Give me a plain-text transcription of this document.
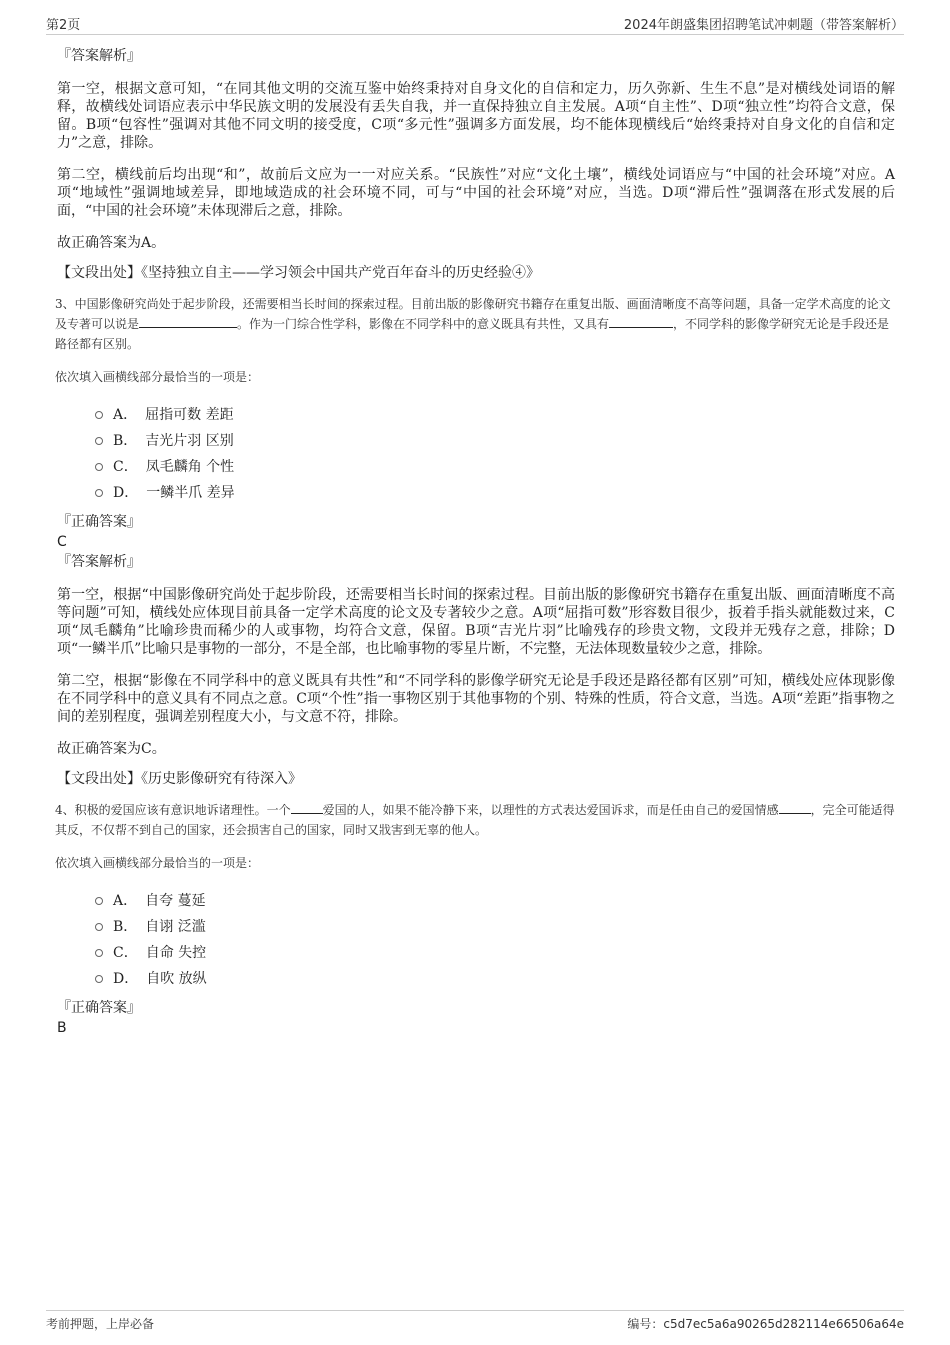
第2页	2024年朗盛集团招聘笔试冲刺题（带答案解析）

『答案解析』

第一空，根据文意可知，“在同其他文明的交流互鉴中始终秉持对自身文化的自信和定力，历久弥新、生生不息”是对横线处词语的解释，故横线处词语应表示中华民族文明的发展没有丢失自我，并一直保持独立自主发展。A项“自主性”、D项“独立性”均符合文意，保留。B项“包容性”强调对其他不同文明的接受度，C项“多元性”强调多方面发展，均不能体现横线后“始终秉持对自身文化的自信和定力”之意，排除。

第二空，横线前后均出现“和”，故前后文应为一一对应关系。“民族性”对应“文化土壤”，横线处词语应与“中国的社会环境”对应。A项“地域性”强调地域差异，即地域造成的社会环境不同，可与“中国的社会环境”对应，当选。D项“滞后性”强调落在形式发展的后面，“中国的社会环境”未体现滞后之意，排除。

故正确答案为A。

【文段出处】《坚持独立自主——学习领会中国共产党百年奋斗的历史经验④》

3、中国影像研究尚处于起步阶段，还需要相当长时间的探索过程。目前出版的影像研究书籍存在重复出版、画面清晰度不高等问题，具备一定学术高度的论文及专著可以说是	。作为一门综合性学科，影像在不同学科中的意义既具有共性，又具有	，不同学科的影像学研究无论是手段还是路径都有区别。

依次填入画横线部分最恰当的一项是：

A． 屈指可数 差距
B． 吉光片羽 区别
C． 凤毛麟角 个性
D． 一鳞半爪 差异

『正确答案』

C

『答案解析』

第一空，根据“中国影像研究尚处于起步阶段，还需要相当长时间的探索过程。目前出版的影像研究书籍存在重复出版、画面清晰度不高等问题”可知，横线处应体现目前具备一定学术高度的论文及专著较少之意。A项“屈指可数”形容数目很少，扳着手指头就能数过来，C项“凤毛麟角”比喻珍贵而稀少的人或事物，均符合文意，保留。B项“吉光片羽”比喻残存的珍贵文物，文段并无残存之意，排除；D项“一鳞半爪”比喻只是事物的一部分，不是全部，也比喻事物的零星片断，不完整，无法体现数量较少之意，排除。

第二空，根据“影像在不同学科中的意义既具有共性”和“不同学科的影像学研究无论是手段还是路径都有区别”可知，横线处应体现影像在不同学科中的意义具有不同点之意。C项“个性”指一事物区别于其他事物的个别、特殊的性质，符合文意，当选。A项“差距”指事物之间的差别程度，强调差别程度大小，与文意不符，排除。

故正确答案为C。

【文段出处】《历史影像研究有待深入》

4、积极的爱国应该有意识地诉诸理性。一个	爱国的人，如果不能冷静下来，以理性的方式表达爱国诉求，而是任由自己的爱国情感	，完全可能适得其反，不仅帮不到自己的国家，还会损害自己的国家，同时又戕害到无辜的他人。

依次填入画横线部分最恰当的一项是：

A． 自夸 蔓延
B． 自诩 泛滥
C． 自命 失控
D． 自吹 放纵

『正确答案』

B

考前押题，上岸必备	编号：c5d7ec5a6a90265d282114e66506a64e
